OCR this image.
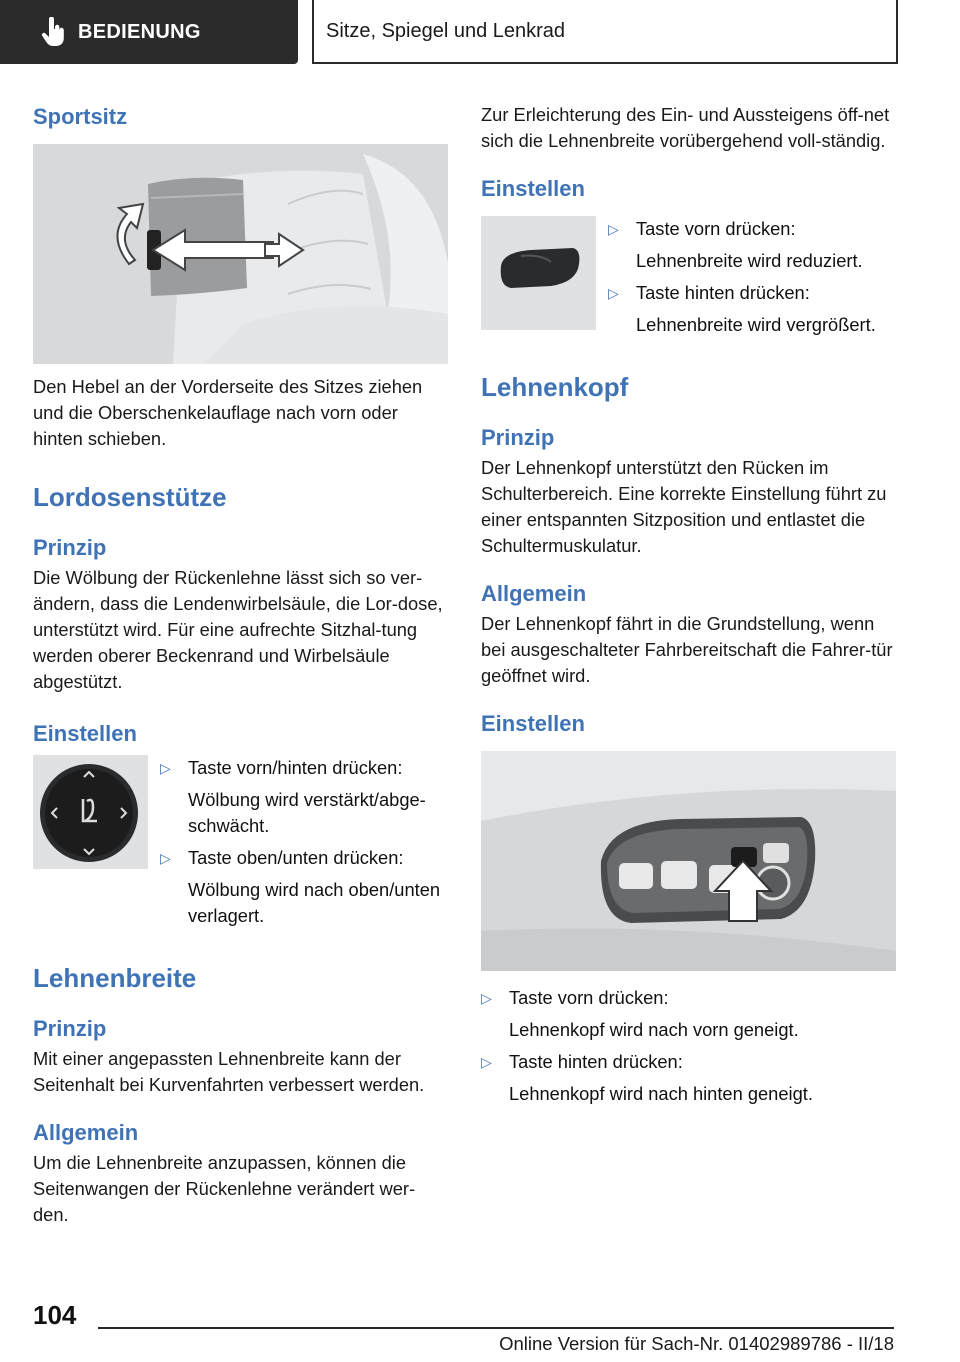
BEDIENUNG	Sitze, Spiegel und Lenkrad
Sportsitz

Den Hebel an der Vorderseite des Sitzes ziehen und die Oberschenkelauflage nach vorn oder hinten schieben.

Lordosenstütze
Prinzip

Die Wölbung der Rückenlehne lässt sich so ver‐ändern, dass die Lendenwirbelsäule, die Lor‐dose, unterstützt wird. Für eine aufrechte Sitzhal‐tung werden oberer Beckenrand und Wirbelsäule abgestützt.

Einstellen
▷ Taste vorn/hinten drücken:
Wölbung wird verstärkt/abge‐schwächt.
▷ Taste oben/unten drücken:
Wölbung wird nach oben/unten verlagert.
Lehnenbreite
Prinzip

Mit einer angepassten Lehnenbreite kann der Seitenhalt bei Kurvenfahrten verbessert werden.

Allgemein

Um die Lehnenbreite anzupassen, können die Seitenwangen der Rückenlehne verändert wer‐den.

Zur Erleichterung des Ein- und Aussteigens öff‐net sich die Lehnenbreite vorübergehend voll‐ständig.

Einstellen
▷ Taste vorn drücken:
Lehnenbreite wird reduziert.
▷ Taste hinten drücken:
Lehnenbreite wird vergrößert.
Lehnenkopf
Prinzip

Der Lehnenkopf unterstützt den Rücken im Schulterbereich. Eine korrekte Einstellung führt zu einer entspannten Sitzposition und entlastet die Schultermuskulatur.

Allgemein

Der Lehnenkopf fährt in die Grundstellung, wenn bei ausgeschalteter Fahrbereitschaft die Fahrer‐tür geöffnet wird.

Einstellen
▷ Taste vorn drücken:
Lehnenkopf wird nach vorn geneigt.
▷ Taste hinten drücken:
Lehnenkopf wird nach hinten geneigt.
104
Online Version für Sach-Nr. 01402989786 - II/18
